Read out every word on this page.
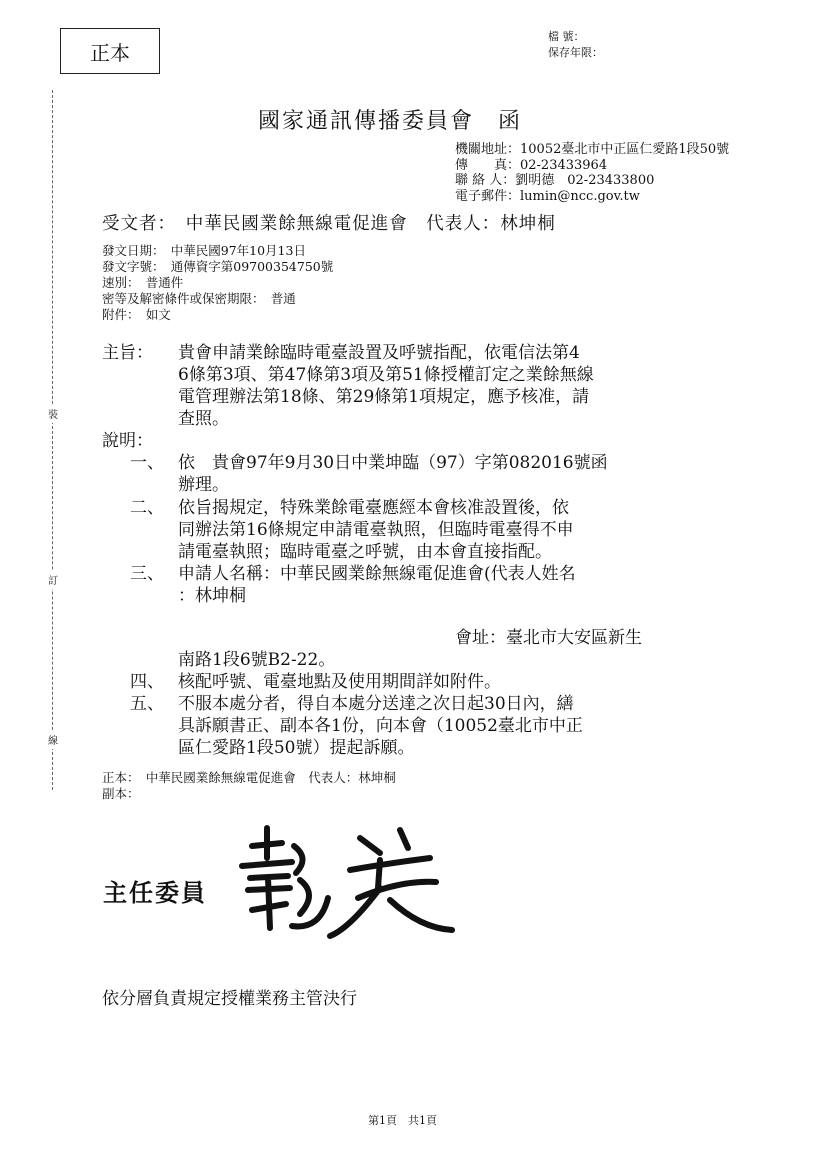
正本
檔 號：
保存年限：
裝
訂
線
國家通訊傳播委員會　函
機關地址：10052臺北市中正區仁愛路1段50號
傳　　真：02-23433964
聯 絡 人：劉明德　02-23433800
電子郵件：lumin@ncc.gov.tw
受文者：　中華民國業餘無線電促進會　代表人：林坤桐
發文日期：　中華民國97年10月13日
發文字號：　通傳資字第09700354750號
速別：　普通件
密等及解密條件或保密期限：　普通
附件：　如文
主旨： 貴會申請業餘臨時電臺設置及呼號指配，依電信法第4
6條第3項、第47條第3項及第51條授權訂定之業餘無線
電管理辦法第18條、第29條第1項規定，應予核准，請
查照。
說明：
一、 依　貴會97年9月30日中業坤臨（97）字第082016號函
辦理。
二、 依旨揭規定，特殊業餘電臺應經本會核准設置後，依
同辦法第16條規定申請電臺執照，但臨時電臺得不申
請電臺執照；臨時電臺之呼號，由本會直接指配。
三、 申請人名稱：中華民國業餘無線電促進會(代表人姓名
：林坤桐
會址：臺北市大安區新生
南路1段6號B2-22。
四、 核配呼號、電臺地點及使用期間詳如附件。
五、 不服本處分者，得自本處分送達之次日起30日內，繕
具訴願書正、副本各1份，向本會（10052臺北市中正
區仁愛路1段50號）提起訴願。
正本：　中華民國業餘無線電促進會　代表人：林坤桐
副本：
主任委員
依分層負責規定授權業務主管決行
第1頁　共1頁
